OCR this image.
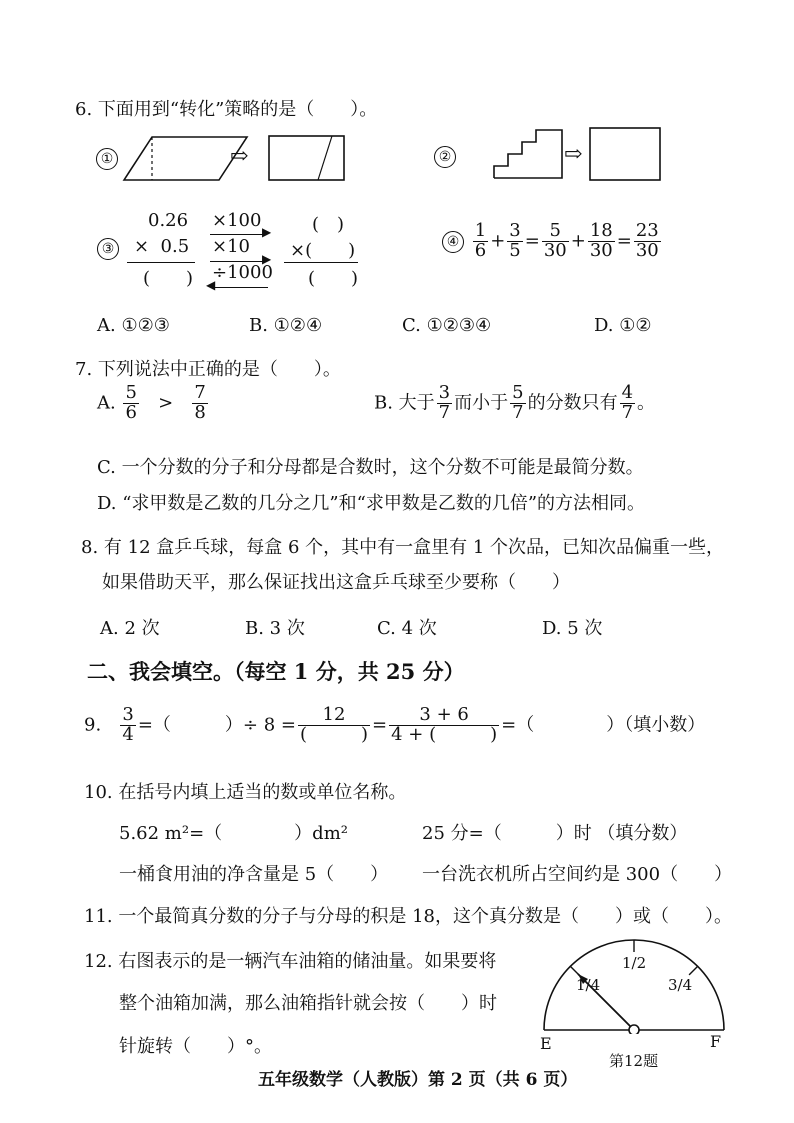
6. 下面用到“转化”策略的是（　　）。
①	⇨	②	⇨
③
0.26
× 0.5
(　　)
×100
▶
×10
▶
÷1000
◀
(　)
×(　　)
(　　)
④ $\frac{1}{6} + \frac{3}{5} = \frac{5}{30} + \frac{18}{30} = \frac{23}{30}$
A. ①②③	B. ①②④	C. ①②③④	D. ①②
7. 下列说法中正确的是（　　）。
A. $\frac{5}{6} > \frac{7}{8}$	B. 大于 $\frac{3}{7}$ 而小于 $\frac{5}{7}$ 的分数只有 $\frac{4}{7}$ 。
C. 一个分数的分子和分母都是合数时，这个分数不可能是最简分数。
D. “求甲数是乙数的几分之几”和“求甲数是乙数的几倍”的方法相同。
8. 有 12 盒乒乓球，每盒 6 个，其中有一盒里有 1 个次品，已知次品偏重一些，
如果借助天平，那么保证找出这盒乒乓球至少要称（　　）
A. 2 次	B. 3 次	C. 4 次	D. 5 次
二、我会填空。（每空 1 分，共 25 分）
9. $\frac{3}{4}$ =（　　　）÷ $8 = \frac{12}{( )} = \frac{3 + 6}{4 + ( )}$ =（　　　　）（填小数）
10. 在括号内填上适当的数或单位名称。
5.62 m²=（　　　　）dm²	25 分=（　　　）时 （填分数）
一桶食用油的净含量是 5（　　） 一台洗衣机所占空间约是 300（　　）
11. 一个最简真分数的分子与分母的积是 18，这个真分数是（　　）或（　　）。
12. 右图表示的是一辆汽车油箱的储油量。如果要将
整个油箱加满，那么油箱指针就会按（　　）时
针旋转（　　）°。
1/2
1/4	3/4
E	F
第12题
五年级数学（人教版）第 2 页（共 6 页）
